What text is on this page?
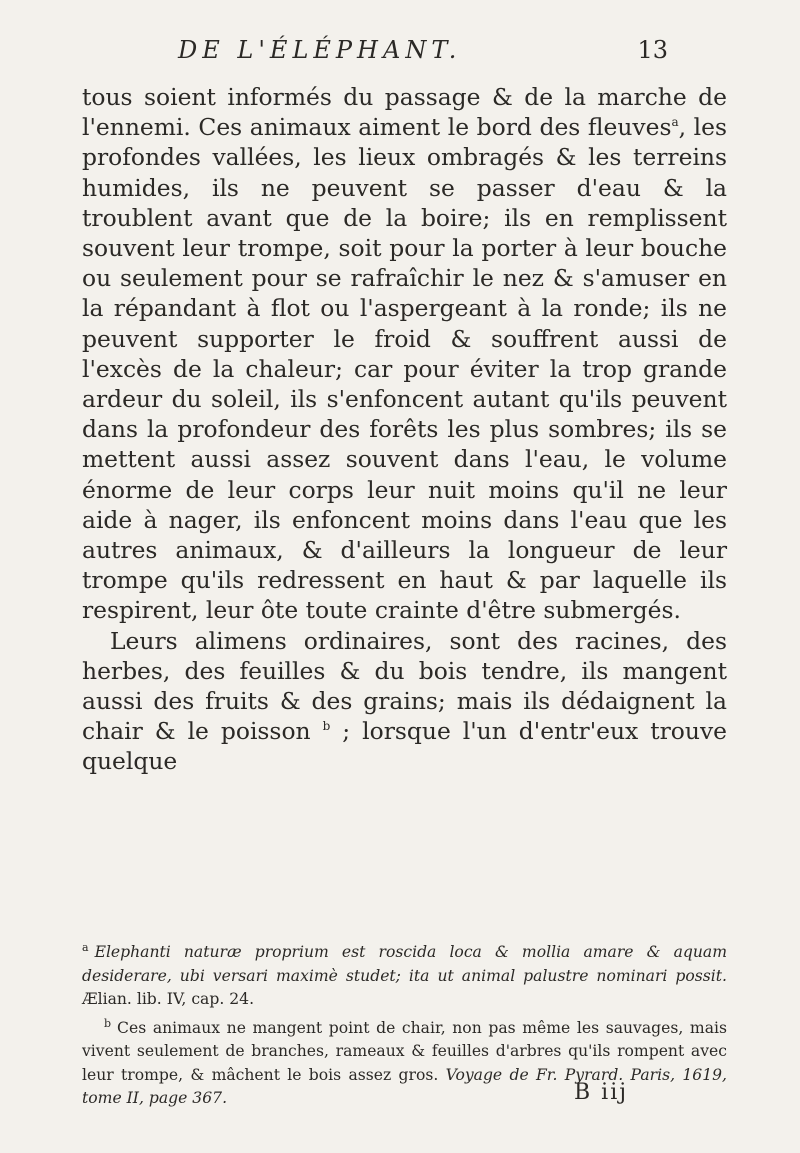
DE L'ÉLÉPHANT.	13

tous soient informés du passage & de la marche de l'ennemi. Ces animaux aiment le bord des fleuves$^a$, les profondes vallées, les lieux ombragés & les terreins humides, ils ne peuvent se passer d'eau & la troublent avant que de la boire; ils en remplissent souvent leur trompe, soit pour la porter à leur bouche ou seulement pour se rafraîchir le nez & s'amuser en la répandant à flot ou l'aspergeant à la ronde; ils ne peuvent supporter le froid & souffrent aussi de l'excès de la chaleur; car pour éviter la trop grande ardeur du soleil, ils s'enfoncent autant qu'ils peuvent dans la profondeur des forêts les plus sombres; ils se mettent aussi assez souvent dans l'eau, le volume énorme de leur corps leur nuit moins qu'il ne leur aide à nager, ils enfoncent moins dans l'eau que les autres animaux, & d'ailleurs la longueur de leur trompe qu'ils redressent en haut & par laquelle ils respirent, leur ôte toute crainte d'être submergés.

Leurs alimens ordinaires, sont des racines, des herbes, des feuilles & du bois tendre, ils mangent aussi des fruits & des grains; mais ils dédaignent la chair & le poisson $^b$ ; lorsque l'un d'entr'eux trouve quelque

$^a$ Elephanti naturæ proprium est roscida loca & mollia amare & aquam desiderare, ubi versari maximè studet; ita ut animal palustre nominari possit. Ælian. lib. IV, cap. 24.

$^b$ Ces animaux ne mangent point de chair, non pas même les sauvages, mais vivent seulement de branches, rameaux & feuilles d'arbres qu'ils rompent avec leur trompe, & mâchent le bois assez gros. Voyage de Fr. Pyrard. Paris, 1619, tome II, page 367.	B iij
